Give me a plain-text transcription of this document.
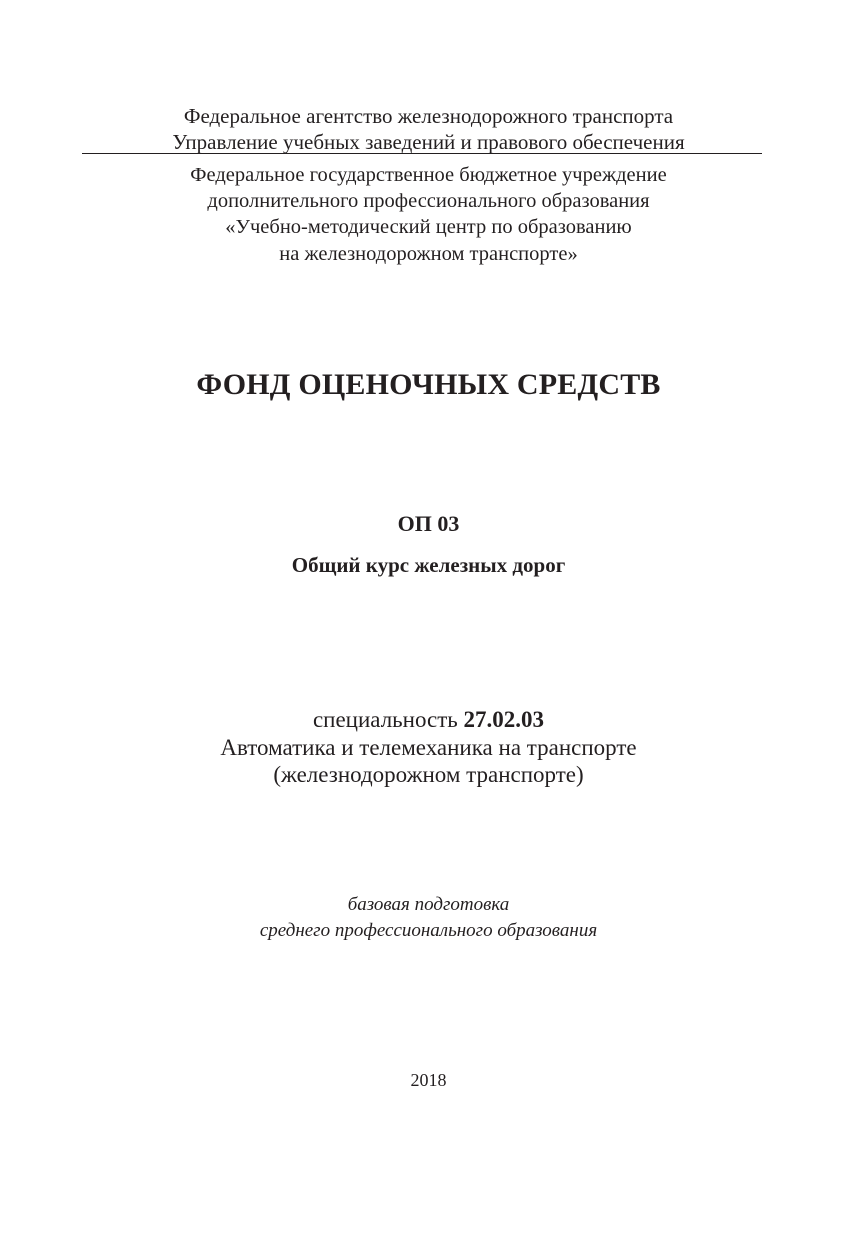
Федеральное агентство железнодорожного транспорта
Управление учебных заведений и правового обеспечения
Федеральное государственное бюджетное учреждение
дополнительного профессионального образования
«Учебно-методический центр по образованию
на железнодорожном транспорте»
ФОНД ОЦЕНОЧНЫХ СРЕДСТВ
ОП 03
Общий курс железных дорог
специальность 27.02.03
Автоматика и телемеханика на транспорте
(железнодорожном транспорте)
базовая подготовка
среднего профессионального образования
2018
